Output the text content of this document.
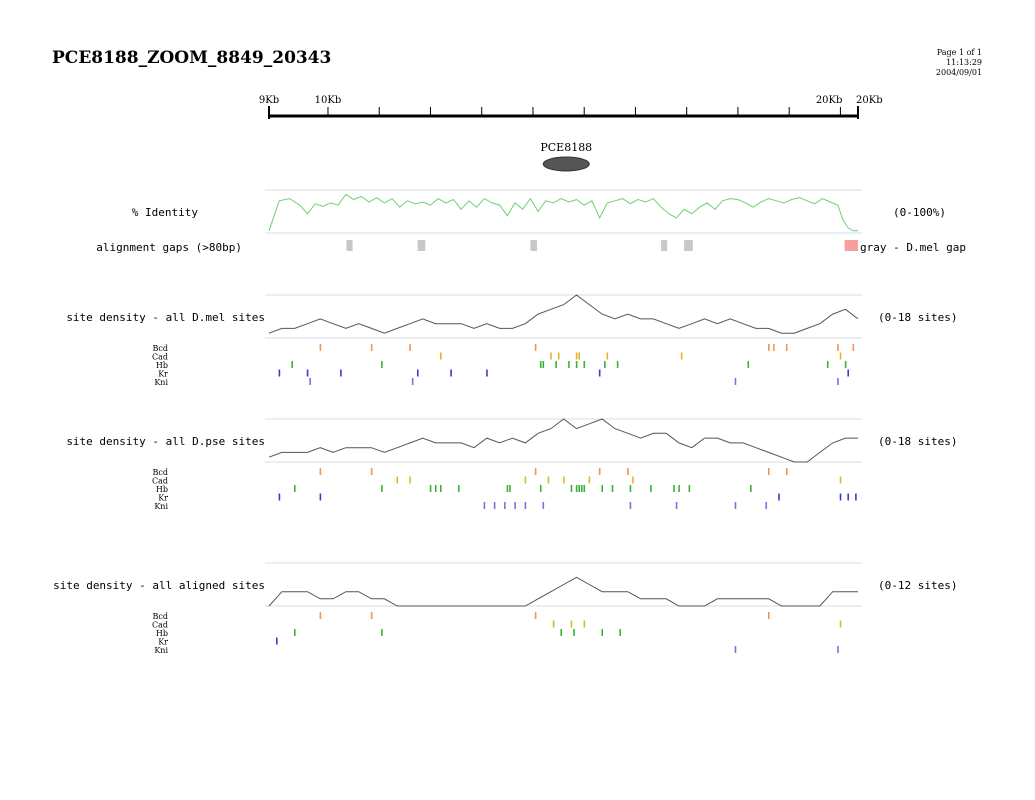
PCE8188_ZOOM_8849_20343	Page 1 of 1
11:13:29
2004/09/01
9Kb	10Kb	20Kb 20Kb
PCE8188
% Identity	(0-100%)
alignment gaps (>80bp)	gray - D.mel gap
site density - all D.mel sites	(0-18 sites)
Bcd
Cad
Hb
Kr
Kni
site density - all D.pse sites	(0-18 sites)
Bcd
Cad
Hb
Kr
Kni
site density - all aligned sites	(0-12 sites)
Bcd
Cad
Hb
Kr
Kni
